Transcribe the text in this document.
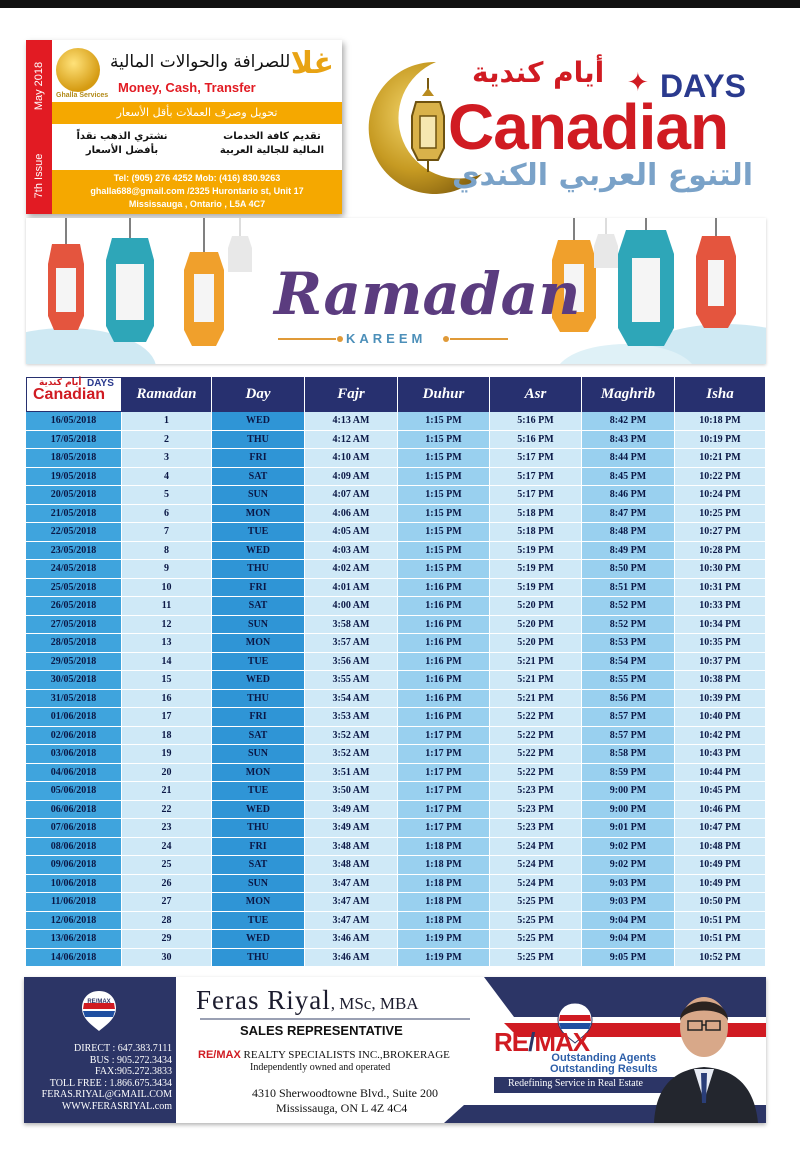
May 2018
7th Issue
Ghalla Services
غلا
للصرافة والحوالات المالية
Money, Cash, Transfer
تحويل وصرف العملات بأقل الأسعار
نشتري الذهب نقداً
بأفضل الأسعار
تقديم كافة الخدمات
المالية للجالية العربية
Tel: (905) 276 4252 Mob: (416) 830.9263
ghalla688@gmail.com /2325 Hurontario st, Unit 17
Mississauga , Ontario , L5A 4C7
أيام كندية ✦ DAYS
Canadian
التنوع العربي الكندي
Ramadan
KAREEM
أيام كندية DAYS
Canadian	Ramadan	Day	Fajr	Duhur	Asr	Maghrib	Isha
16/05/2018	1	WED	4:13 AM	1:15 PM	5:16 PM	8:42 PM	10:18 PM
17/05/2018	2	THU	4:12 AM	1:15 PM	5:16 PM	8:43 PM	10:19 PM
18/05/2018	3	FRI	4:10 AM	1:15 PM	5:17 PM	8:44 PM	10:21 PM
19/05/2018	4	SAT	4:09 AM	1:15 PM	5:17 PM	8:45 PM	10:22 PM
20/05/2018	5	SUN	4:07 AM	1:15 PM	5:17 PM	8:46 PM	10:24 PM
21/05/2018	6	MON	4:06 AM	1:15 PM	5:18 PM	8:47 PM	10:25 PM
22/05/2018	7	TUE	4:05 AM	1:15 PM	5:18 PM	8:48 PM	10:27 PM
23/05/2018	8	WED	4:03 AM	1:15 PM	5:19 PM	8:49 PM	10:28 PM
24/05/2018	9	THU	4:02 AM	1:15 PM	5:19 PM	8:50 PM	10:30 PM
25/05/2018	10	FRI	4:01 AM	1:16 PM	5:19 PM	8:51 PM	10:31 PM
26/05/2018	11	SAT	4:00 AM	1:16 PM	5:20 PM	8:52 PM	10:33 PM
27/05/2018	12	SUN	3:58 AM	1:16 PM	5:20 PM	8:52 PM	10:34 PM
28/05/2018	13	MON	3:57 AM	1:16 PM	5:20 PM	8:53 PM	10:35 PM
29/05/2018	14	TUE	3:56 AM	1:16 PM	5:21 PM	8:54 PM	10:37 PM
30/05/2018	15	WED	3:55 AM	1:16 PM	5:21 PM	8:55 PM	10:38 PM
31/05/2018	16	THU	3:54 AM	1:16 PM	5:21 PM	8:56 PM	10:39 PM
01/06/2018	17	FRI	3:53 AM	1:16 PM	5:22 PM	8:57 PM	10:40 PM
02/06/2018	18	SAT	3:52 AM	1:17 PM	5:22 PM	8:57 PM	10:42 PM
03/06/2018	19	SUN	3:52 AM	1:17 PM	5:22 PM	8:58 PM	10:43 PM
04/06/2018	20	MON	3:51 AM	1:17 PM	5:22 PM	8:59 PM	10:44 PM
05/06/2018	21	TUE	3:50 AM	1:17 PM	5:23 PM	9:00 PM	10:45 PM
06/06/2018	22	WED	3:49 AM	1:17 PM	5:23 PM	9:00 PM	10:46 PM
07/06/2018	23	THU	3:49 AM	1:17 PM	5:23 PM	9:01 PM	10:47 PM
08/06/2018	24	FRI	3:48 AM	1:18 PM	5:24 PM	9:02 PM	10:48 PM
09/06/2018	25	SAT	3:48 AM	1:18 PM	5:24 PM	9:02 PM	10:49 PM
10/06/2018	26	SUN	3:47 AM	1:18 PM	5:24 PM	9:03 PM	10:49 PM
11/06/2018	27	MON	3:47 AM	1:18 PM	5:25 PM	9:03 PM	10:50 PM
12/06/2018	28	TUE	3:47 AM	1:18 PM	5:25 PM	9:04 PM	10:51 PM
13/06/2018	29	WED	3:46 AM	1:19 PM	5:25 PM	9:04 PM	10:51 PM
14/06/2018	30	THU	3:46 AM	1:19 PM	5:25 PM	9:05 PM	10:52 PM
RE/MAX
DIRECT : 647.383.7111
BUS : 905.272.3434
FAX:905.272.3833
TOLL FREE : 1.866.675.3434
FERAS.RIYAL@GMAIL.COM
WWW.FERASRIYAL.com
Feras Riyal, MSc, MBA
SALES REPRESENTATIVE
RE/MAX REALTY SPECIALISTS INC.,BROKERAGE
Independently owned and operated
4310 Sherwoodtowne Blvd., Suite 200
Mississauga, ON L 4Z 4C4
RE/MAX
Outstanding Agents
Outstanding Results
Redefining Service in Real Estate
